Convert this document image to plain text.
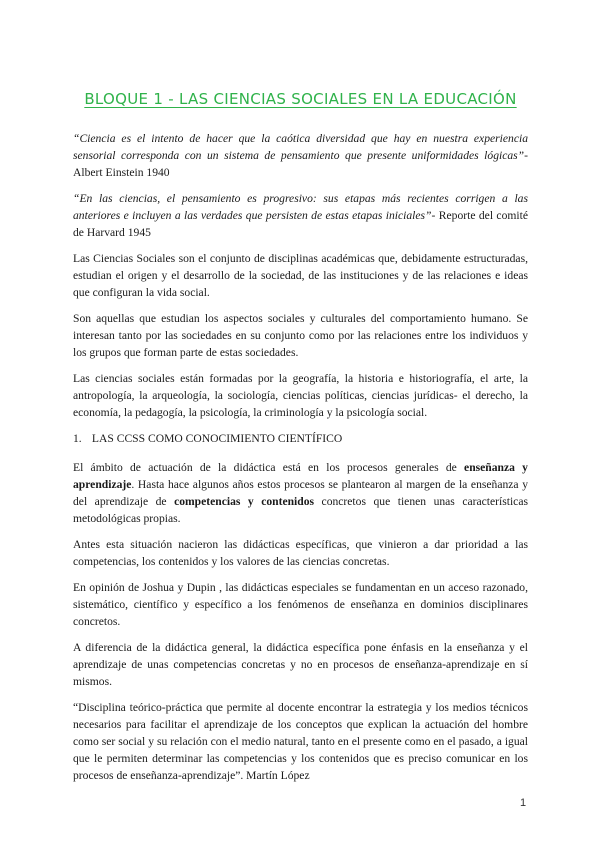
BLOQUE 1 - LAS CIENCIAS SOCIALES EN LA EDUCACIÓN

“Ciencia es el intento de hacer que la caótica diversidad que hay en nuestra experiencia sensorial corresponda con un sistema de pensamiento que presente uniformidades lógicas”- Albert Einstein 1940

“En las ciencias, el pensamiento es progresivo: sus etapas más recientes corrigen a las anteriores e incluyen a las verdades que persisten de estas etapas iniciales”- Reporte del comité de Harvard 1945

Las Ciencias Sociales son el conjunto de disciplinas académicas que, debidamente estructuradas, estudian el origen y el desarrollo de la sociedad, de las instituciones y de las relaciones e ideas que configuran la vida social.

Son aquellas que estudian los aspectos sociales y culturales del comportamiento humano. Se interesan tanto por las sociedades en su conjunto como por las relaciones entre los individuos y los grupos que forman parte de estas sociedades.

Las ciencias sociales están formadas por la geografía, la historia e historiografía, el arte, la antropología, la arqueología, la sociología, ciencias políticas, ciencias jurídicas- el derecho, la economía, la pedagogía, la psicología, la criminología y la psicología social.

1. LAS CCSS COMO CONOCIMIENTO CIENTÍFICO

El ámbito de actuación de la didáctica está en los procesos generales de enseñanza y aprendizaje. Hasta hace algunos años estos procesos se plantearon al margen de la enseñanza y del aprendizaje de competencias y contenidos concretos que tienen unas características metodológicas propias.

Antes esta situación nacieron las didácticas específicas, que vinieron a dar prioridad a las competencias, los contenidos y los valores de las ciencias concretas.

En opinión de Joshua y Dupin , las didácticas especiales se fundamentan en un acceso razonado, sistemático, científico y específico a los fenómenos de enseñanza en dominios disciplinares concretos.

A diferencia de la didáctica general, la didáctica específica pone énfasis en la enseñanza y el aprendizaje de unas competencias concretas y no en procesos de enseñanza-aprendizaje en sí mismos.

“Disciplina teórico-práctica que permite al docente encontrar la estrategia y los medios técnicos necesarios para facilitar el aprendizaje de los conceptos que explican la actuación del hombre como ser social y su relación con el medio natural, tanto en el presente como en el pasado, a igual que le permiten determinar las competencias y los contenidos que es preciso comunicar en los procesos de enseñanza-aprendizaje”. Martín López

1
